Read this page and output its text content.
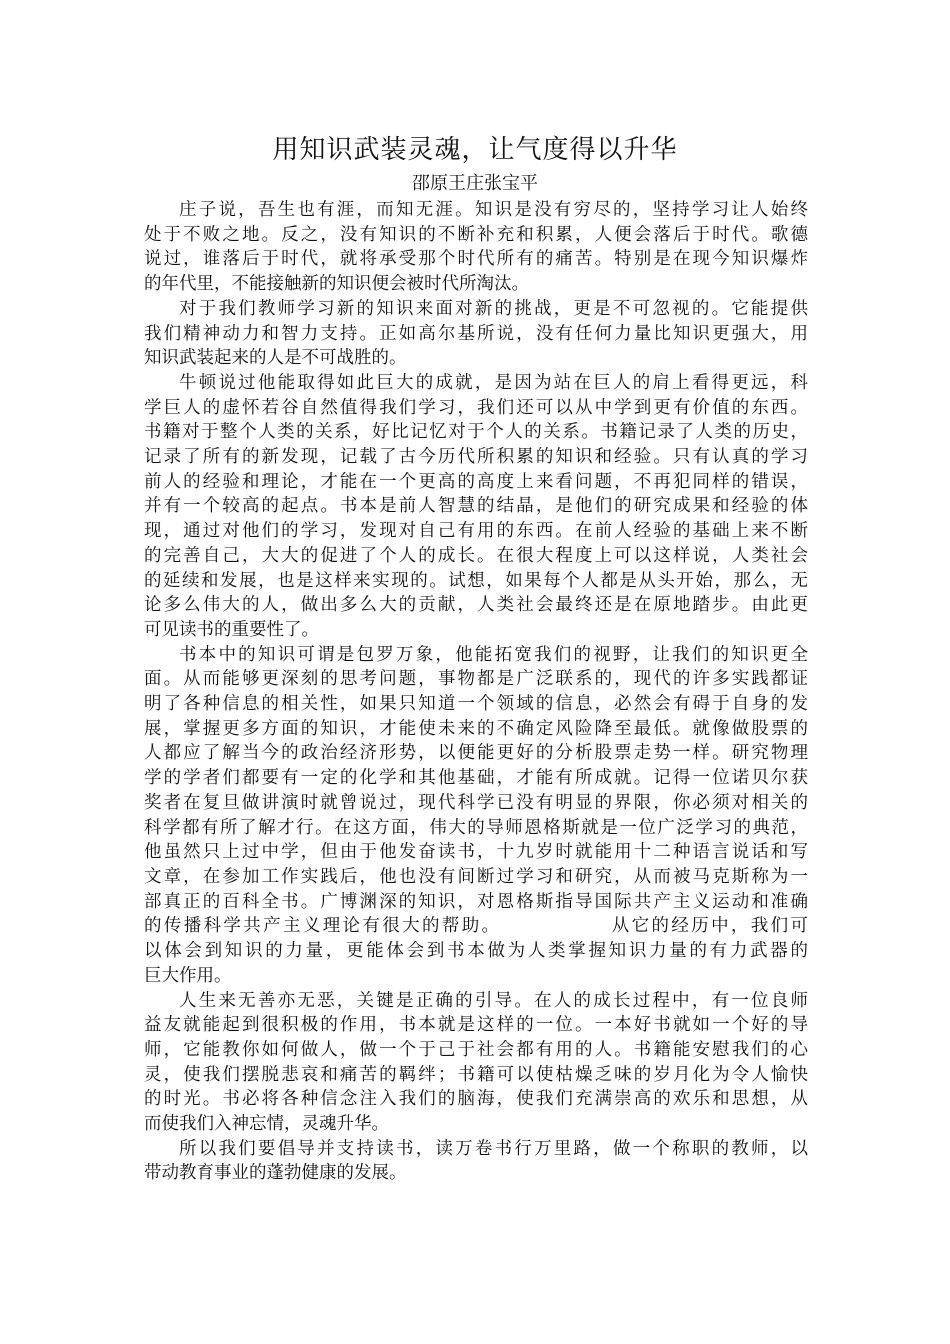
用知识武装灵魂，让气度得以升华

邵原王庄张宝平

庄子说，吾生也有涯，而知无涯。知识是没有穷尽的，坚持学习让人始终
处于不败之地。反之，没有知识的不断补充和积累，人便会落后于时代。歌德
说过，谁落后于时代，就将承受那个时代所有的痛苦。特别是在现今知识爆炸
的年代里，不能接触新的知识便会被时代所淘汰。
对于我们教师学习新的知识来面对新的挑战，更是不可忽视的。它能提供
我们精神动力和智力支持。正如高尔基所说，没有任何力量比知识更强大，用
知识武装起来的人是不可战胜的。
牛顿说过他能取得如此巨大的成就，是因为站在巨人的肩上看得更远，科
学巨人的虚怀若谷自然值得我们学习，我们还可以从中学到更有价值的东西。
书籍对于整个人类的关系，好比记忆对于个人的关系。书籍记录了人类的历史，
记录了所有的新发现，记载了古今历代所积累的知识和经验。只有认真的学习
前人的经验和理论，才能在一个更高的高度上来看问题，不再犯同样的错误，
并有一个较高的起点。书本是前人智慧的结晶，是他们的研究成果和经验的体
现，通过对他们的学习，发现对自己有用的东西。在前人经验的基础上来不断
的完善自己，大大的促进了个人的成长。在很大程度上可以这样说，人类社会
的延续和发展，也是这样来实现的。试想，如果每个人都是从头开始，那么，无
论多么伟大的人，做出多么大的贡献，人类社会最终还是在原地踏步。由此更
可见读书的重要性了。
书本中的知识可谓是包罗万象，他能拓宽我们的视野，让我们的知识更全
面。从而能够更深刻的思考问题，事物都是广泛联系的，现代的许多实践都证
明了各种信息的相关性，如果只知道一个领域的信息，必然会有碍于自身的发
展，掌握更多方面的知识，才能使未来的不确定风险降至最低。就像做股票的
人都应了解当今的政治经济形势，以便能更好的分析股票走势一样。研究物理
学的学者们都要有一定的化学和其他基础，才能有所成就。记得一位诺贝尔获
奖者在复旦做讲演时就曾说过，现代科学已没有明显的界限，你必须对相关的
科学都有所了解才行。在这方面，伟大的导师恩格斯就是一位广泛学习的典范，
他虽然只上过中学，但由于他发奋读书，十九岁时就能用十二种语言说话和写
文章，在参加工作实践后，他也没有间断过学习和研究，从而被马克斯称为一
部真正的百科全书。广博渊深的知识，对恩格斯指导国际共产主义运动和准确
的传播科学共产主义理论有很大的帮助。　　　　　　从它的经历中，我们可
以体会到知识的力量，更能体会到书本做为人类掌握知识力量的有力武器的
巨大作用。
人生来无善亦无恶，关键是正确的引导。在人的成长过程中，有一位良师
益友就能起到很积极的作用，书本就是这样的一位。一本好书就如一个好的导
师，它能教你如何做人，做一个于己于社会都有用的人。书籍能安慰我们的心
灵，使我们摆脱悲哀和痛苦的羁绊；书籍可以使枯燥乏味的岁月化为令人愉快
的时光。书必将各种信念注入我们的脑海，使我们充满崇高的欢乐和思想，从
而使我们入神忘情，灵魂升华。
所以我们要倡导并支持读书，读万卷书行万里路，做一个称职的教师，以
带动教育事业的蓬勃健康的发展。
